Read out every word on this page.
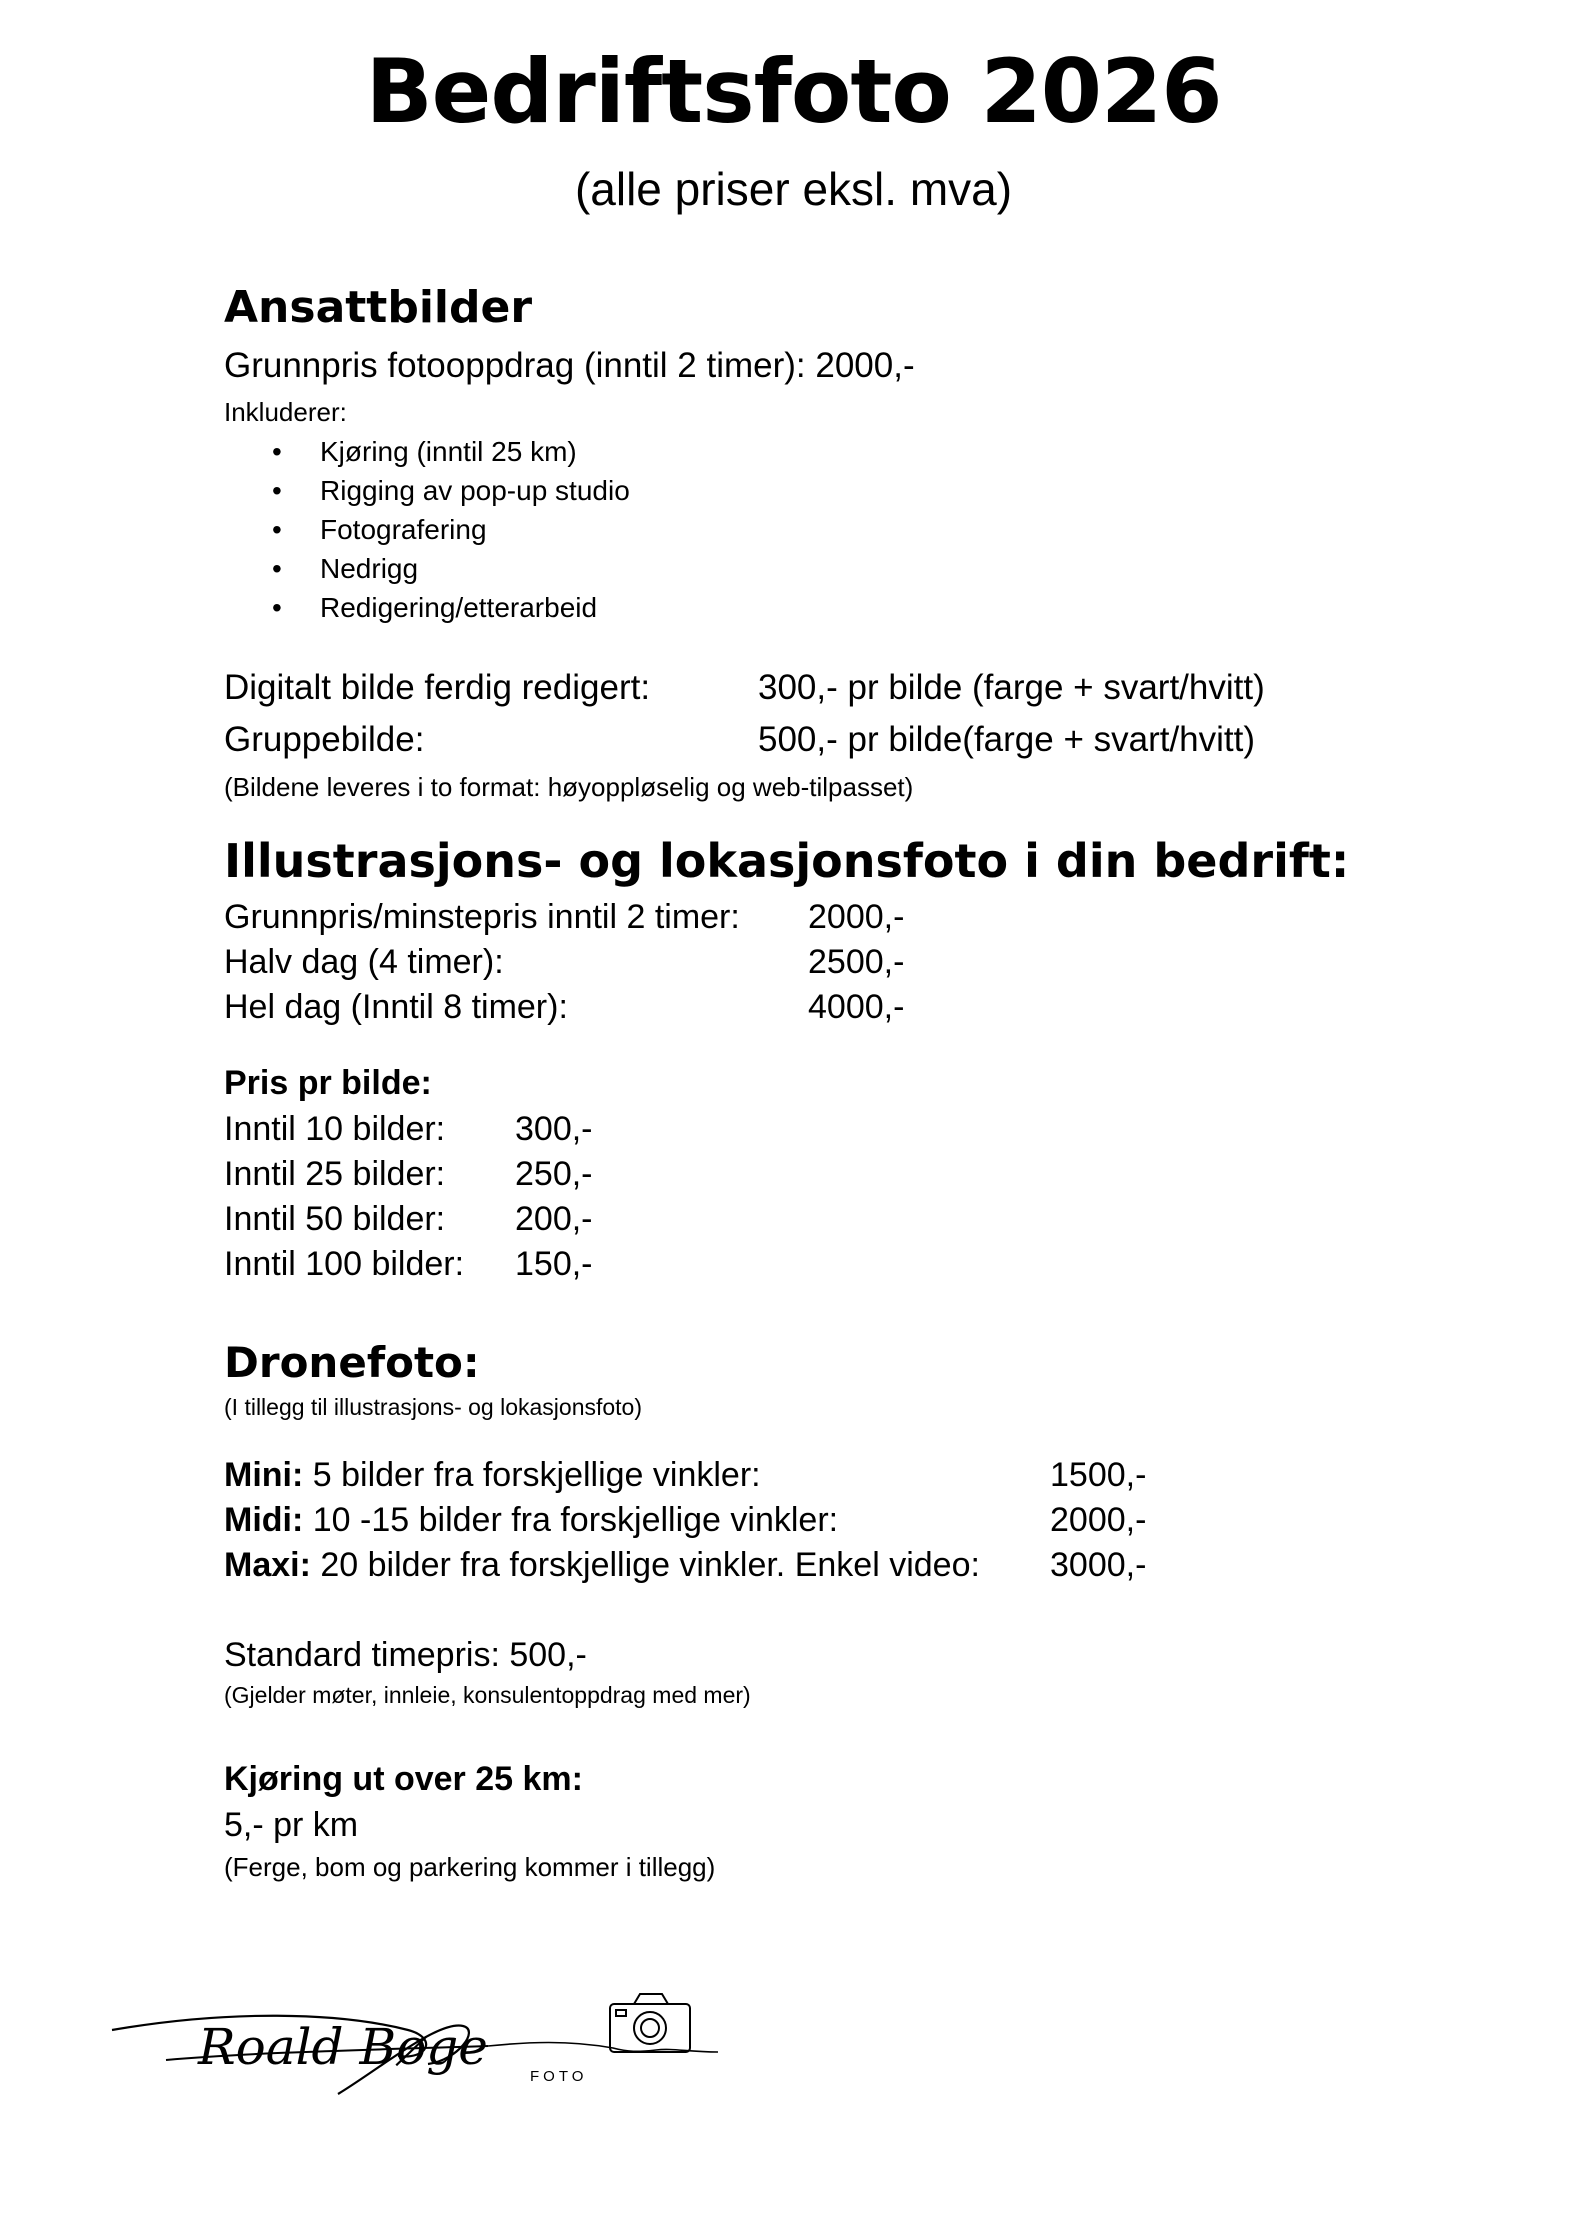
Bedriftsfoto 2026
(alle priser eksl. mva)
Ansattbilder
Grunnpris fotooppdrag (inntil 2 timer): 2000,-
Inkluderer:
• Kjøring (inntil 25 km)
• Rigging av pop-up studio
• Fotografering
• Nedrigg
• Redigering/etterarbeid
Digitalt bilde ferdig redigert:	300,- pr bilde (farge + svart/hvitt)
Gruppebilde:	500,- pr bilde(farge + svart/hvitt)
(Bildene leveres i to format: høyoppløselig og web-tilpasset)
Illustrasjons- og lokasjonsfoto i din bedrift:
Grunnpris/minstepris inntil 2 timer: 2000,-
Halv dag (4 timer):	2500,-
Hel dag (Inntil 8 timer):	4000,-
Pris pr bilde:
Inntil 10 bilder: 300,-
Inntil 25 bilder: 250,-
Inntil 50 bilder: 200,-
Inntil 100 bilder: 150,-
Dronefoto:
(I tillegg til illustrasjons- og lokasjonsfoto)
Mini: 5 bilder fra forskjellige vinkler:	1500,-
Midi: 10 -15 bilder fra forskjellige vinkler:	2000,-
Maxi: 20 bilder fra forskjellige vinkler. Enkel video: 3000,-
Standard timepris: 500,-
(Gjelder møter, innleie, konsulentoppdrag med mer)
Kjøring ut over 25 km:
5,- pr km
(Ferge, bom og parkering kommer i tillegg)
Roald Bøge
FOTO
